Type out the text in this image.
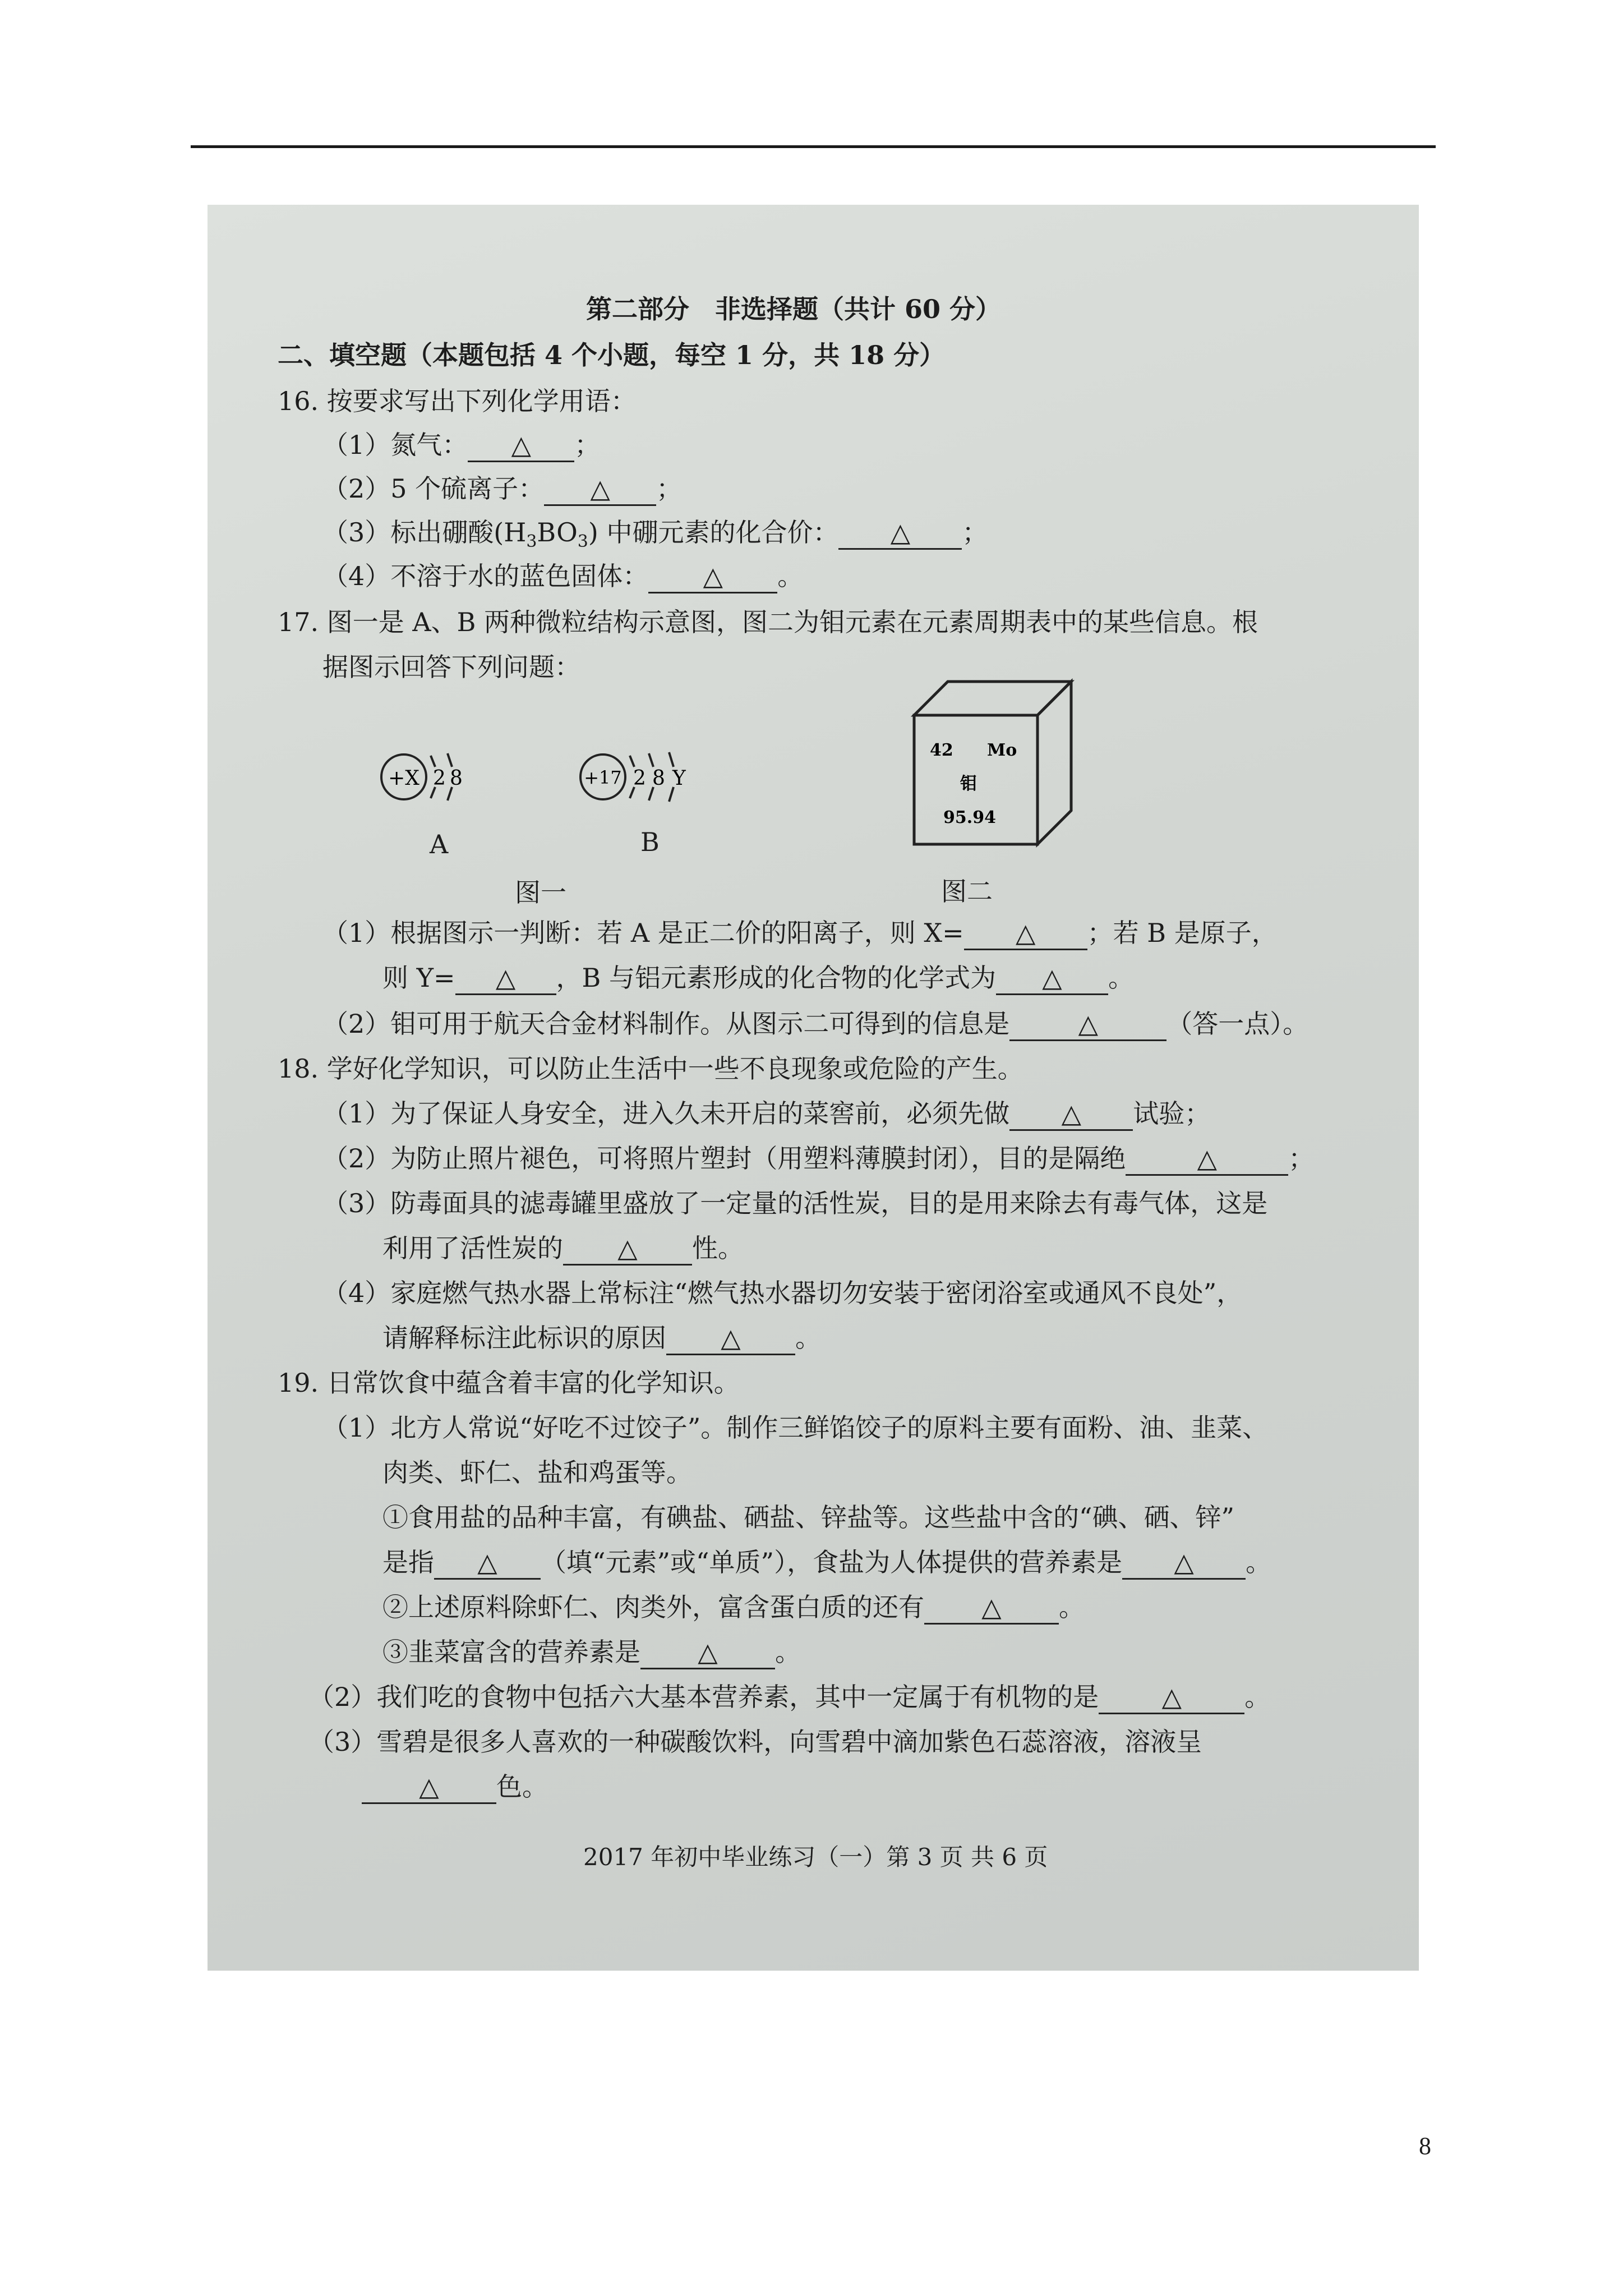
第二部分　非选择题（共计 60 分）
二、填空题（本题包括 4 个小题，每空 1 分，共 18 分）
16. 按要求写出下列化学用语：
（1）氮气： △ ；
（2）5 个硫离子： △ ；
（3）标出硼酸$(H_3BO_3)$ 中硼元素的化合价： △ ；
（4）不溶于水的蓝色固体： △ 。
17. 图一是 A、B 两种微粒结构示意图，图二为钼元素在元素周期表中的某些信息。根
据图示回答下列问题：
+X 2 8	+17 2 8 Y
A	B
图一
42 Mo
钼
95.94
图二
（1）根据图示一判断：若 A 是正二价的阳离子，则 X= △ ；若 B 是原子，
则 Y= △ ，B 与铝元素形成的化合物的化学式为 △ 。
（2）钼可用于航天合金材料制作。从图示二可得到的信息是	△	（答一点）。
18. 学好化学知识，可以防止生活中一些不良现象或危险的产生。
（1）为了保证人身安全，进入久未开启的菜窖前，必须先做 △ 试验；
（2）为防止照片褪色，可将照片塑封（用塑料薄膜封闭），目的是隔绝	△	；
（3）防毒面具的滤毒罐里盛放了一定量的活性炭，目的是用来除去有毒气体，这是
利用了活性炭的 △ 性。
（4）家庭燃气热水器上常标注“燃气热水器切勿安装于密闭浴室或通风不良处”，
请解释标注此标识的原因 △ 。
19. 日常饮食中蕴含着丰富的化学知识。
（1）北方人常说“好吃不过饺子”。制作三鲜馅饺子的原料主要有面粉、油、韭菜、
肉类、虾仁、盐和鸡蛋等。
①食用盐的品种丰富，有碘盐、硒盐、锌盐等。这些盐中含的“碘、硒、锌”
是指 △ （填“元素”或“单质”），食盐为人体提供的营养素是 △ 。
②上述原料除虾仁、肉类外，富含蛋白质的还有 △ 。
③韭菜富含的营养素是 △ 。
（2）我们吃的食物中包括六大基本营养素，其中一定属于有机物的是 △ 。
（3）雪碧是很多人喜欢的一种碳酸饮料，向雪碧中滴加紫色石蕊溶液，溶液呈
△ 色。
2017 年初中毕业练习（一）第 3 页 共 6 页
8
